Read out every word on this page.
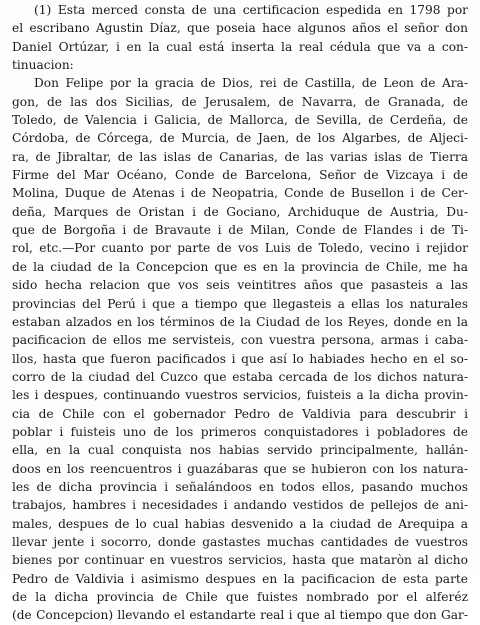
(1) Esta merced consta de una certificacion espedida en 1798 por
el escribano Agustin Díaz, que poseia hace algunos años el señor don
Daniel Ortúzar, i en la cual está inserta la real cédula que va a con-
tinuacion:
Don Felipe por la gracia de Dios, rei de Castilla, de Leon de Ara-
gon, de las dos Sicilias, de Jerusalem, de Navarra, de Granada, de
Toledo, de Valencia i Galicia, de Mallorca, de Sevilla, de Cerdeña, de
Córdoba, de Córcega, de Murcia, de Jaen, de los Algarbes, de Aljeci-
ra, de Jibraltar, de las islas de Canarias, de las varias islas de Tierra
Firme del Mar Océano, Conde de Barcelona, Señor de Vizcaya i de
Molina, Duque de Atenas i de Neopatria, Conde de Busellon i de Cer-
deña, Marques de Oristan i de Gociano, Archiduque de Austria, Du-
que de Borgoña i de Bravaute i de Milan, Conde de Flandes i de Ti-
rol, etc.—Por cuanto por parte de vos Luis de Toledo, vecino i rejidor
de la ciudad de la Concepcion que es en la provincia de Chile, me ha
sido hecha relacion que vos seis veintitres años que pasasteis a las
provincias del Perú i que a tiempo que llegasteis a ellas los naturales
estaban alzados en los términos de la Ciudad de los Reyes, donde en la
pacificacion de ellos me servisteis, con vuestra persona, armas i caba-
llos, hasta que fueron pacificados i que así lo habiades hecho en el so-
corro de la ciudad del Cuzco que estaba cercada de los dichos natura-
les i despues, continuando vuestros servicios, fuisteis a la dicha provin-
cia de Chile con el gobernador Pedro de Valdivia para descubrir i
poblar i fuisteis uno de los primeros conquistadores i pobladores de
ella, en la cual conquista nos habias servido principalmente, hallán-
doos en los reencuentros i guazábaras que se hubieron con los natura-
les de dicha provincia i señalándoos en todos ellos, pasando muchos
trabajos, hambres i necesidades i andando vestidos de pellejos de ani-
males, despues de lo cual habias desvenido a la ciudad de Arequipa a
llevar jente i socorro, donde gastastes muchas cantidades de vuestros
bienes por continuar en vuestros servicios, hasta que mataròn al dicho
Pedro de Valdivia i asimismo despues en la pacificacion de esta parte
de la dicha provincia de Chile que fuistes nombrado por el alferéz
(de Concepcion) llevando el estandarte real i que al tiempo que don Gar-
